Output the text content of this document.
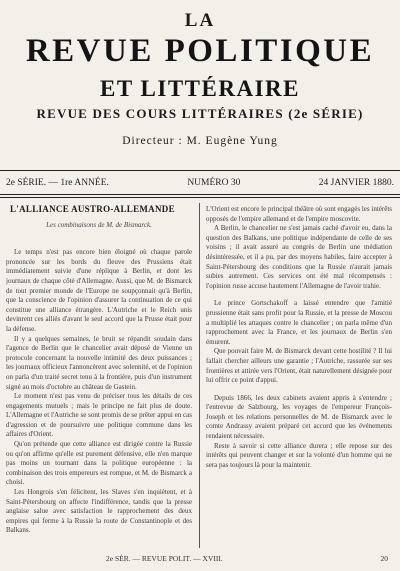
LA
REVUE POLITIQUE
ET LITTÉRAIRE
REVUE DES COURS LITTÉRAIRES (2e SÉRIE)
Directeur : M. Eugène Yung
2e SÉRIE. — 1re ANNÉE.	NUMÉRO 30	24 JANVIER 1880.
L'ALLIANCE AUSTRO-ALLEMANDE
Les combinaisons de M. de Bismarck.

Le temps n'est pas encore bien éloigné où chaque parole prononcée sur les bords du fleuve des Prussiens était immédiatement suivie d'une réplique à Berlin, et dont les journaux de chaque côté d'Allemagne. Aussi, que M. de Bismarck de tout premier monde de l'Europe ne soupçonnait qu'à Berlin, que la conscience de l'opinion d'assurer la continuation de ce qui constitue une alliance étrangère. L'Autriche et le Reich unis devinrent ces alliés d'avant le seul accord que la Prusse était pour la défense.

Il y a quelques semaines, le bruit se répandit soudain dans l'agence de Berlin que le chancelier avait déposé de Vienne un protocole concernant la nouvelle intimité des deux puissances ; les journaux officieux l'annoncèrent avec solennité, et de l'opinion on parla d'un traité secret tenu à la frontière, puis d'un instrument signé au mois d'octobre au château de Gastein.

Le moment n'est pas venu de préciser tous les détails de ces engagements mutuels ; mais le principe ne fait plus de doute. L'Allemagne et l'Autriche se sont promis de se prêter appui en cas d'agression et de poursuivre une politique commune dans les affaires d'Orient.

Qu'on prétende que cette alliance est dirigée contre la Russie ou qu'on affirme qu'elle est purement défensive, elle n'en marque pas moins un tournant dans la politique européenne : la combinaison des trois empereurs est rompue, et M. de Bismarck a choisi.

Les Hongrois s'en félicitent, les Slaves s'en inquiètent, et à Saint-Pétersbourg on affecte l'indifférence, tandis que la presse anglaise salue avec satisfaction le rapprochement des deux empires qui ferme à la Russie la route de Constantinople et des Balkans.

L'Orient est encore le principal théâtre où sont engagés les intérêts opposés de l'empire allemand et de l'empire moscovite.

A Berlin, le chancelier ne s'est jamais caché d'avoir eu, dans la question des Balkans, une politique indépendante de celle de ses voisins ; il avait assuré au congrès de Berlin une médiation désintéressée, et il a pu, par des moyens habiles, faire accepter à Saint-Pétersbourg des conditions que la Russie n'aurait jamais subies autrement. Ces services ont été mal récompensés : l'opinion russe accuse hautement l'Allemagne de l'avoir trahie.

Le prince Gortschakoff a laissé entendre que l'amitié prussienne était sans profit pour la Russie, et la presse de Moscou a multiplié les attaques contre le chancelier ; on parla même d'un rapprochement avec la France, et les journaux de Berlin s'en émurent.

Que pouvait faire M. de Bismarck devant cette hostilité ? Il lui fallait chercher ailleurs une garantie ; l'Autriche, rassurée sur ses frontières et attirée vers l'Orient, était naturellement désignée pour lui offrir ce point d'appui.

Depuis 1866, les deux cabinets avaient appris à s'entendre ; l'entrevue de Salzbourg, les voyages de l'empereur François-Joseph et les relations personnelles de M. de Bismarck avec le comte Andrassy avaient préparé cet accord que les événements rendaient nécessaire.

Reste à savoir si cette alliance durera ; elle repose sur des intérêts qui peuvent changer et sur la volonté d'un homme qui ne sera pas toujours là pour la maintenir.

2e SÉR. — REVUE POLIT. — XVIII.	20
